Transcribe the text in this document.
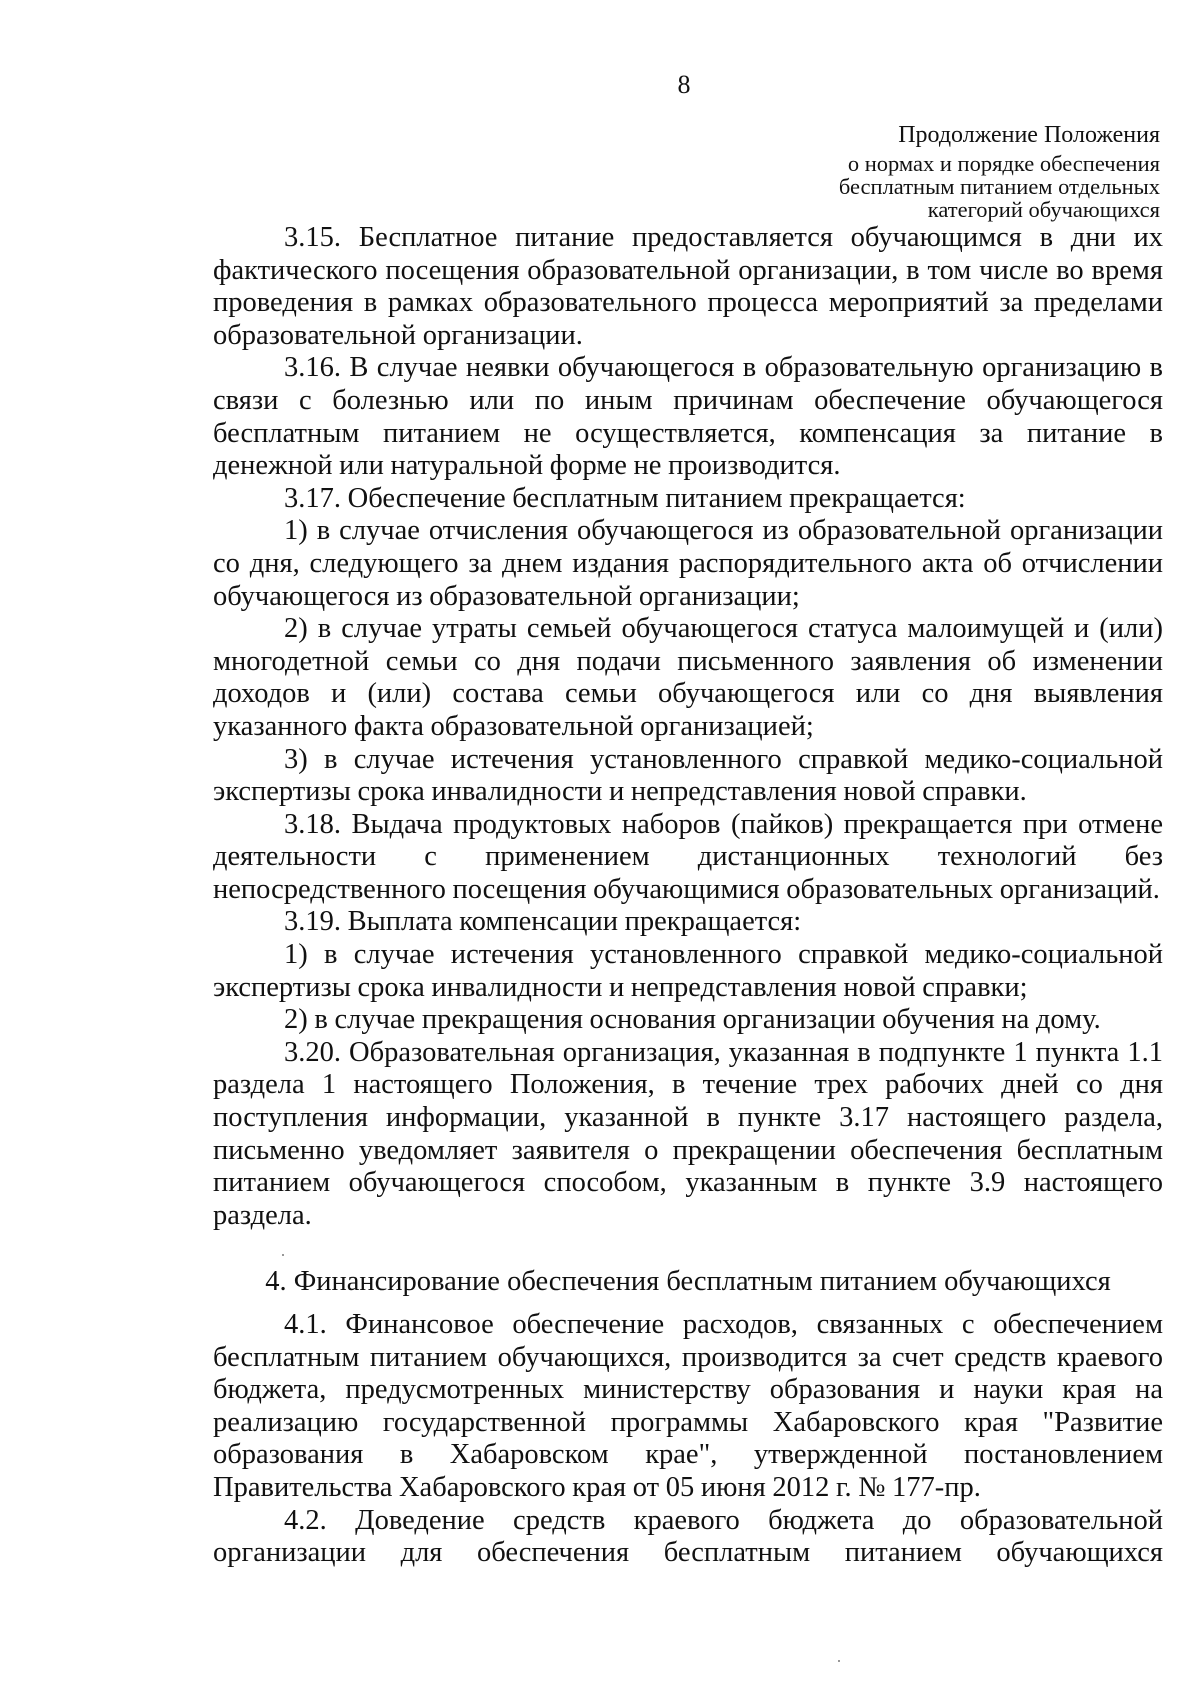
8
Продолжение Положения
о нормах и порядке обеспечения
бесплатным питанием отдельных
категорий обучающихся

3.15. Бесплатное питание предоставляется обучающимся в дни их фактического посещения образовательной организации, в том числе во время проведения в рамках образовательного процесса мероприятий за пределами образовательной организации.

3.16. В случае неявки обучающегося в образовательную организацию в связи с болезнью или по иным причинам обеспечение обучающегося бесплатным питанием не осуществляется, компенсация за питание в денежной или натуральной форме не производится.

3.17. Обеспечение бесплатным питанием прекращается:

1) в случае отчисления обучающегося из образовательной организации со дня, следующего за днем издания распорядительного акта об отчислении обучающегося из образовательной организации;

2) в случае утраты семьей обучающегося статуса малоимущей и (или) многодетной семьи со дня подачи письменного заявления об изменении доходов и (или) состава семьи обучающегося или со дня выявления указанного факта образовательной организацией;

3) в случае истечения установленного справкой медико-социальной экспертизы срока инвалидности и непредставления новой справки.

3.18. Выдача продуктовых наборов (пайков) прекращается при отмене деятельности с применением дистанционных технологий без непосредственного посещения обучающимися образовательных организаций.

3.19. Выплата компенсации прекращается:

1) в случае истечения установленного справкой медико-социальной экспертизы срока инвалидности и непредставления новой справки;

2) в случае прекращения основания организации обучения на дому.

3.20. Образовательная организация, указанная в подпункте 1 пункта 1.1 раздела 1 настоящего Положения, в течение трех рабочих дней со дня поступления информации, указанной в пункте 3.17 настоящего раздела, письменно уведомляет заявителя о прекращении обеспечения бесплатным питанием обучающегося способом, указанным в пункте 3.9 настоящего раздела.

4. Финансирование обеспечения бесплатным питанием обучающихся

4.1. Финансовое обеспечение расходов, связанных с обеспечением бесплатным питанием обучающихся, производится за счет средств краевого бюджета, предусмотренных министерству образования и науки края на реализацию государственной программы Хабаровского края "Развитие образования в Хабаровском крае", утвержденной постановлением Правительства Хабаровского края от 05 июня 2012 г. № 177-пр.

4.2. Доведение средств краевого бюджета до образовательной организации для обеспечения бесплатным питанием обучающихся
